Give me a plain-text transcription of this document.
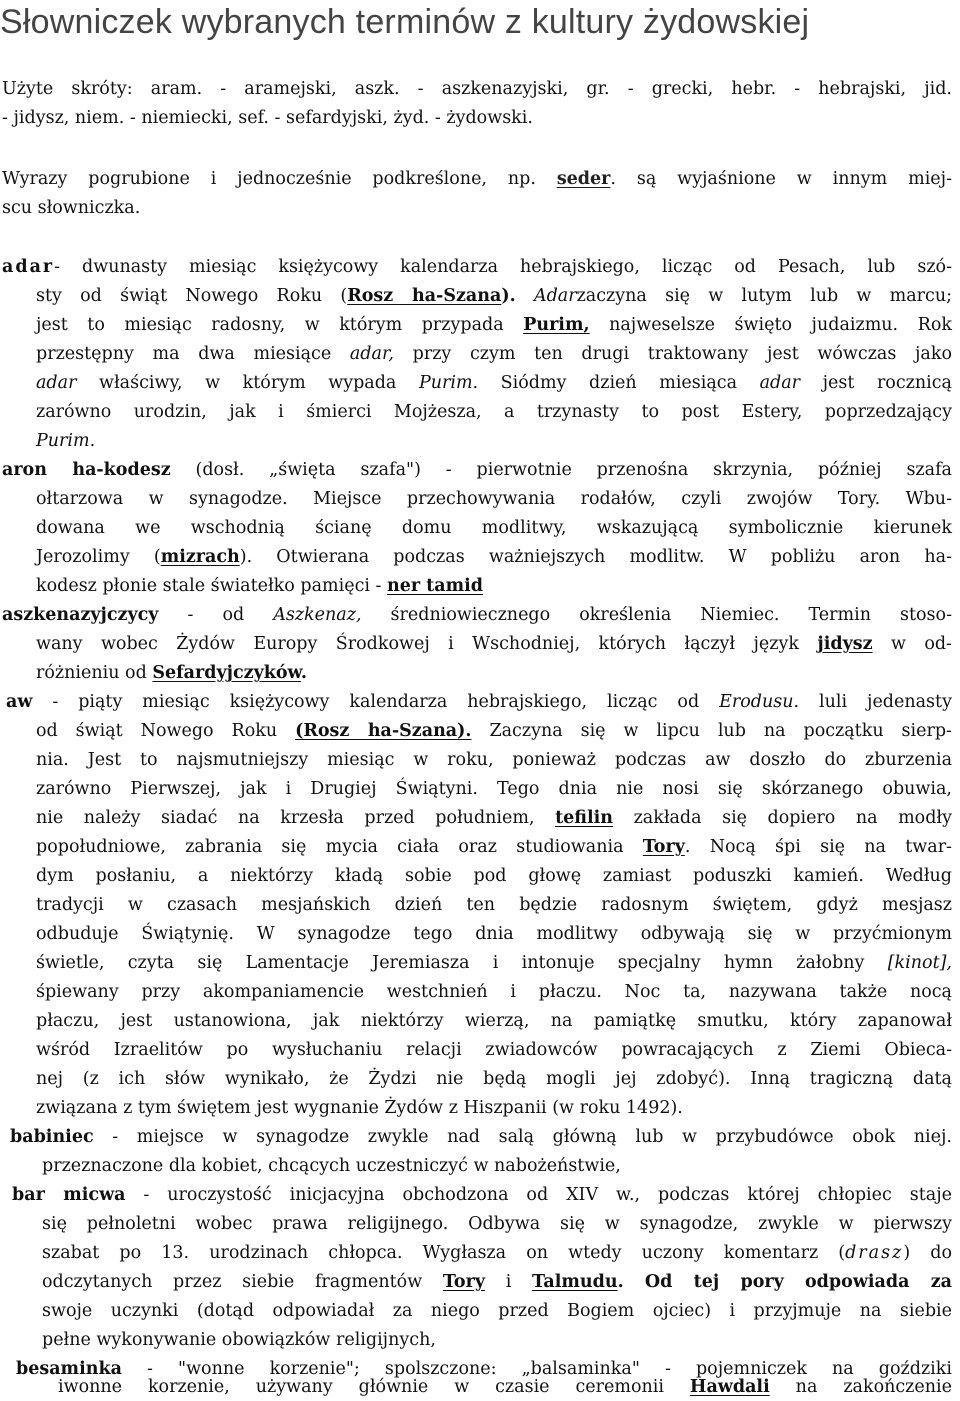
Słowniczek wybranych terminów z kultury żydowskiej
Użyte skróty: aram. - aramejski, aszk. - aszkenazyjski, gr. - grecki, hebr. - hebrajski, jid.
- jidysz, niem. - niemiecki, sef. - sefardyjski, żyd. - żydowski.
Wyrazy pogrubione i jednocześnie podkreślone, np. seder. są wyjaśnione w innym miej-
scu słowniczka.
adar- dwunasty miesiąc księżycowy kalendarza hebrajskiego, licząc od Pesach, lub szó-
sty od świąt Nowego Roku (Rosz ha-Szana). Adarzaczyna się w lutym lub w marcu;
jest to miesiąc radosny, w którym przypada Purim, najweselsze święto judaizmu. Rok
przestępny ma dwa miesiące adar, przy czym ten drugi traktowany jest wówczas jako
adar właściwy, w którym wypada Purim. Siódmy dzień miesiąca adar jest rocznicą
zarówno urodzin, jak i śmierci Mojżesza, a trzynasty to post Estery, poprzedzający
Purim.
aron ha-kodesz (dosł. „święta szafa") - pierwotnie przenośna skrzynia, później szafa
ołtarzowa w synagodze. Miejsce przechowywania rodałów, czyli zwojów Tory. Wbu-
dowana we wschodnią ścianę domu modlitwy, wskazującą symbolicznie kierunek
Jerozolimy (mizrach). Otwierana podczas ważniejszych modlitw. W pobliżu aron ha-
kodesz płonie stale światełko pamięci - ner tamid
aszkenazyjczycy - od Aszkenaz, średniowiecznego określenia Niemiec. Termin stoso-
wany wobec Żydów Europy Środkowej i Wschodniej, których łączył język jidysz w od-
różnieniu od Sefardyjczyków.
aw - piąty miesiąc księżycowy kalendarza hebrajskiego, licząc od Erodusu. luli jedenasty
od świąt Nowego Roku (Rosz ha-Szana). Zaczyna się w lipcu lub na początku sierp-
nia. Jest to najsmutniejszy miesiąc w roku, ponieważ podczas aw doszło do zburzenia
zarówno Pierwszej, jak i Drugiej Świątyni. Tego dnia nie nosi się skórzanego obuwia,
nie należy siadać na krzesła przed południem, tefilin zakłada się dopiero na modły
popołudniowe, zabrania się mycia ciała oraz studiowania Tory. Nocą śpi się na twar-
dym posłaniu, a niektórzy kładą sobie pod głowę zamiast poduszki kamień. Według
tradycji w czasach mesjańskich dzień ten będzie radosnym świętem, gdyż mesjasz
odbuduje Świątynię. W synagodze tego dnia modlitwy odbywają się w przyćmionym
świetle, czyta się Lamentacje Jeremiasza i intonuje specjalny hymn żałobny [kinot],
śpiewany przy akompaniamencie westchnień i płaczu. Noc ta, nazywana także nocą
płaczu, jest ustanowiona, jak niektórzy wierzą, na pamiątkę smutku, który zapanował
wśród Izraelitów po wysłuchaniu relacji zwiadowców powracających z Ziemi Obieca-
nej (z ich słów wynikało, że Żydzi nie będą mogli jej zdobyć). Inną tragiczną datą
związana z tym świętem jest wygnanie Żydów z Hiszpanii (w roku 1492).
babiniec - miejsce w synagodze zwykle nad salą główną lub w przybudówce obok niej.
przeznaczone dla kobiet, chcących uczestniczyć w nabożeństwie,
bar micwa - uroczystość inicjacyjna obchodzona od XIV w., podczas której chłopiec staje
się pełnoletni wobec prawa religijnego. Odbywa się w synagodze, zwykle w pierwszy
szabat po 13. urodzinach chłopca. Wygłasza on wtedy uczony komentarz (drasz) do
odczytanych przez siebie fragmentów Tory i Talmudu. Od tej pory odpowiada za
swoje uczynki (dotąd odpowiadał za niego przed Bogiem ojciec) i przyjmuje na siebie
pełne wykonywanie obowiązków religijnych,
besaminka - "wonne korzenie"; spolszczone: „balsaminka" - pojemniczek na goździki
iwonne korzenie, używany głównie w czasie ceremonii Hawdali na zakończenie
